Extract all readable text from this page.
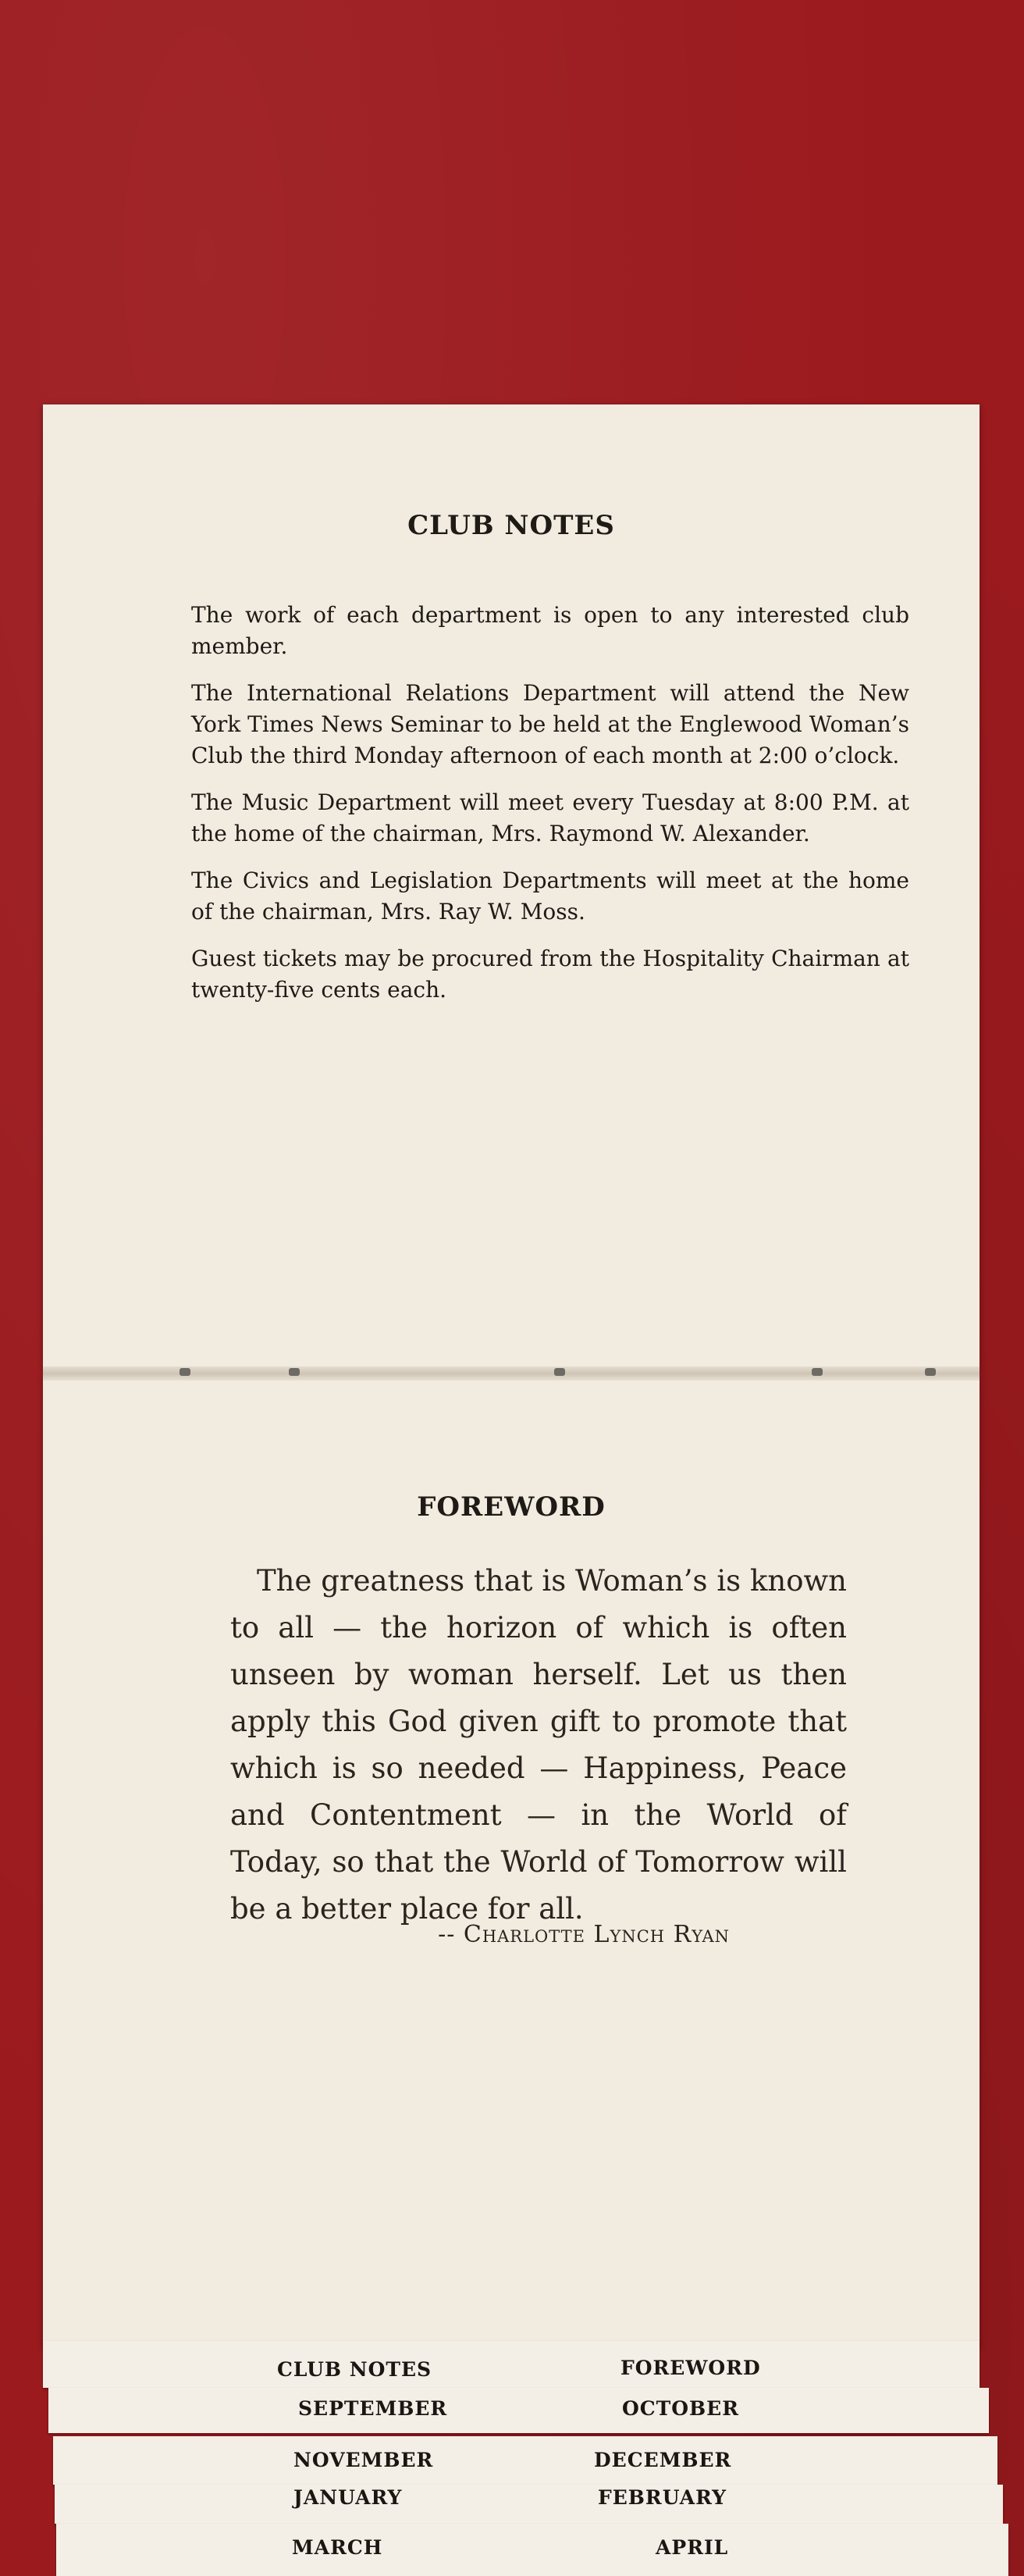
CLUB NOTES

The work of each department is open to any interested club member.

The International Relations Department will attend the New York Times News Seminar to be held at the Englewood Woman’s Club the third Monday afternoon of each month at 2:00 o’clock.

The Music Department will meet every Tuesday at 8:00 P.M. at the home of the chairman, Mrs. Raymond W. Alexander.

The Civics and Legislation Departments will meet at the home of the chairman, Mrs. Ray W. Moss.

Guest tickets may be procured from the Hospitality Chairman at twenty-five cents each.

FOREWORD

The greatness that is Woman’s is known to all — the horizon of which is often unseen by woman herself. Let us then apply this God given gift to promote that which is so needed — Happiness, Peace and Contentment — in the World of Today, so that the World of Tomorrow will be a better place for all.

-- Charlotte Lynch Ryan
CLUB NOTES	FOREWORD
SEPTEMBER	OCTOBER
NOVEMBER	DECEMBER
JANUARY	FEBRUARY
MARCH	APRIL
